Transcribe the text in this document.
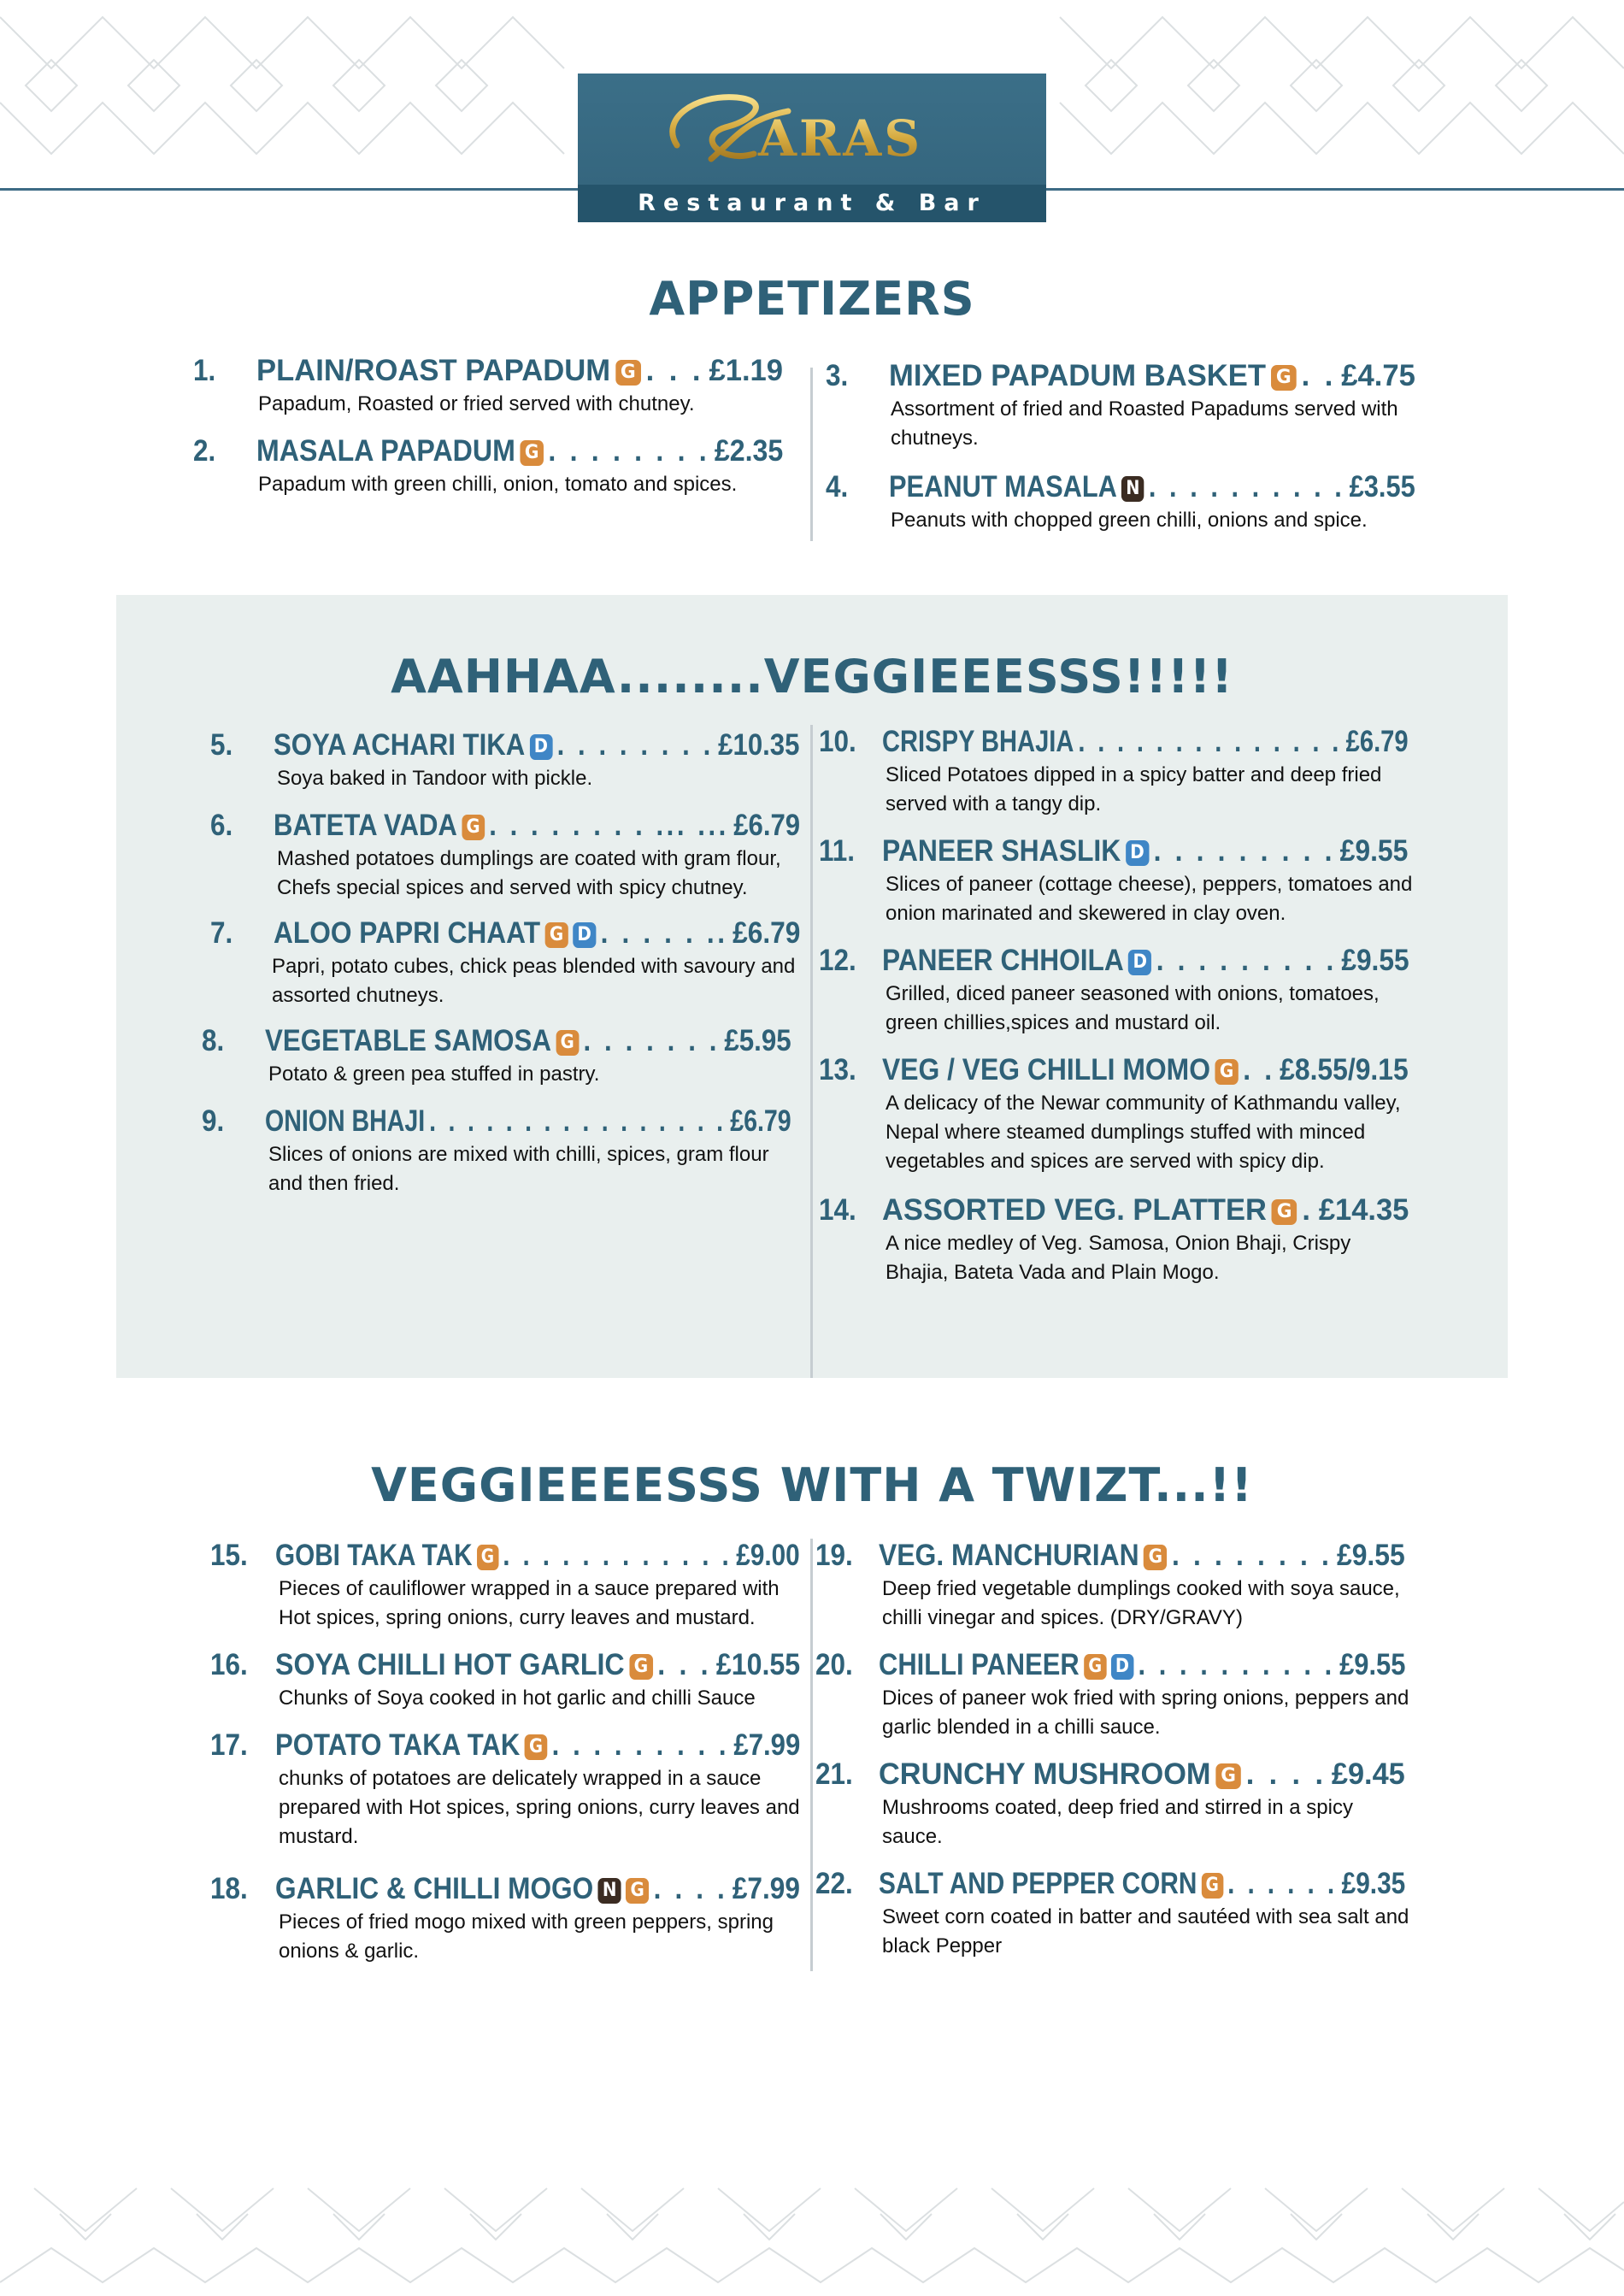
ARAS
Restaurant & Bar
APPETIZERS
AAHHAA........VEGGIEEESSS!!!!!
VEGGIEEEESSS WITH A TWIZT...!!
1. PLAIN/ROAST PAPADUM G . . . £1.19
Papadum, Roasted or fried served with chutney.
2. MASALA PAPADUM G . . . . . . . . £2.35
Papadum with green chilli, onion, tomato and spices.
3. MIXED PAPADUM BASKET G . . £4.75
Assortment of fried and Roasted Papadums served with
chutneys.
4. PEANUT MASALA N . . . . . . . . . . £3.55
Peanuts with chopped green chilli, onions and spice.
5. SOYA ACHARI TIKA D . . . . . . . . £10.35
Soya baked in Tandoor with pickle.
6. BATETA VADA G . . . . . . . . ... ... £6.79
Mashed potatoes dumplings are coated with gram flour,
Chefs special spices and served with spicy chutney.
7. ALOO PAPRI CHAAT G D . . . . . .. £6.79
Papri, potato cubes, chick peas blended with savoury and
assorted chutneys.
8. VEGETABLE SAMOSA G . . . . . . . £5.95
Potato & green pea stuffed in pastry.
9. ONION BHAJI . . . . . . . . . . . . . . . . £6.79
Slices of onions are mixed with chilli, spices, gram flour
and then fried.
10. CRISPY BHAJIA . . . . . . . . . . . . . . £6.79
Sliced Potatoes dipped in a spicy batter and deep fried
served with a tangy dip.
11. PANEER SHASLIK D . . . . . . . . . £9.55
Slices of paneer (cottage cheese), peppers, tomatoes and
onion marinated and skewered in clay oven.
12. PANEER CHHOILA D . . . . . . . . . £9.55
Grilled, diced paneer seasoned with onions, tomatoes,
green chillies,spices and mustard oil.
13. VEG / VEG CHILLI MOMO G . . £8.55/9.15
A delicacy of the Newar community of Kathmandu valley,
Nepal where steamed dumplings stuffed with minced
vegetables and spices are served with spicy dip.
14. ASSORTED VEG. PLATTER G . £14.35
A nice medley of Veg. Samosa, Onion Bhaji, Crispy
Bhajia, Bateta Vada and Plain Mogo.
15. GOBI TAKA TAK G . . . . . . . . . . . . £9.00
Pieces of cauliflower wrapped in a sauce prepared with
Hot spices, spring onions, curry leaves and mustard.
16. SOYA CHILLI HOT GARLIC G . . . £10.55
Chunks of Soya cooked in hot garlic and chilli Sauce
17. POTATO TAKA TAK G . . . . . . . . . £7.99
chunks of potatoes are delicately wrapped in a sauce
prepared with Hot spices, spring onions, curry leaves and
mustard.
18. GARLIC & CHILLI MOGO N G . . . . £7.99
Pieces of fried mogo mixed with green peppers, spring
onions & garlic.
19. VEG. MANCHURIAN G . . . . . . . . £9.55
Deep fried vegetable dumplings cooked with soya sauce,
chilli vinegar and spices. (DRY/GRAVY)
20. CHILLI PANEER G D . . . . . . . . . . £9.55
Dices of paneer wok fried with spring onions, peppers and
garlic blended in a chilli sauce.
21. CRUNCHY MUSHROOM G . . . . £9.45
Mushrooms coated, deep fried and stirred in a spicy
sauce.
22. SALT AND PEPPER CORN G . . . . . . £9.35
Sweet corn coated in batter and sautéed with sea salt and
black Pepper
